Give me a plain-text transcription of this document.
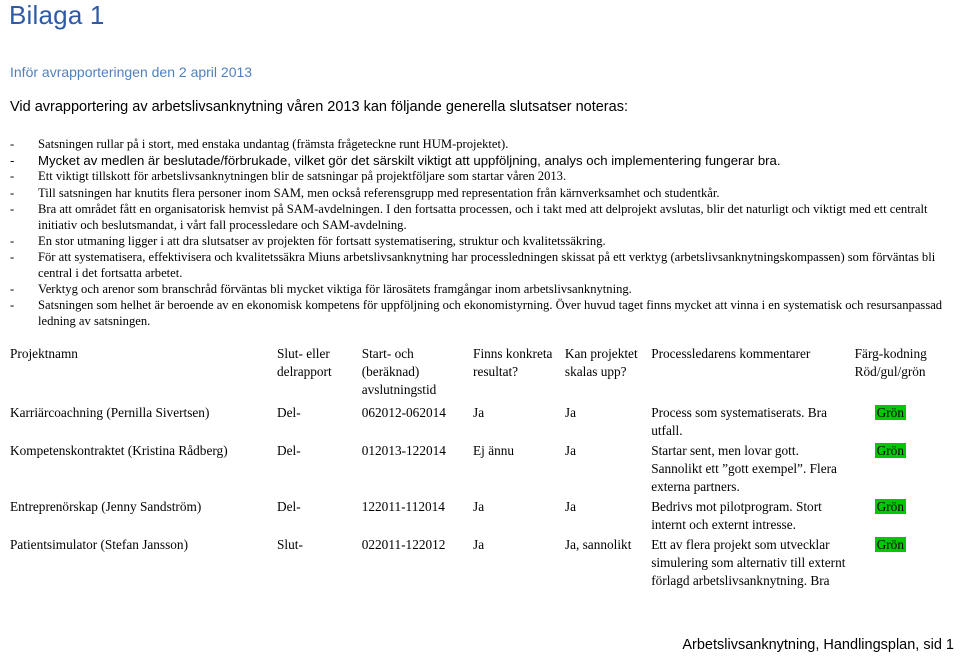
Bilaga 1
Inför avrapporteringen den 2 april 2013
Vid avrapportering av arbetslivsanknytning våren 2013 kan följande generella slutsatser noteras:
- Satsningen rullar på i stort, med enstaka undantag (främsta frågeteckne runt HUM-projektet).
- Mycket av medlen är beslutade/förbrukade, vilket gör det särskilt viktigt att uppföljning, analys och implementering fungerar bra.
- Ett viktigt tillskott för arbetslivsanknytningen blir de satsningar på projektföljare som startar våren 2013.
- Till satsningen har knutits flera personer inom SAM, men också referensgrupp med representation från kärnverksamhet och studentkår.
- Bra att området fått en organisatorisk hemvist på SAM-avdelningen. I den fortsatta processen, och i takt med att delprojekt avslutas, blir det naturligt och viktigt med ett centralt initiativ och beslutsmandat, i vårt fall processledare och SAM-avdelning.
- En stor utmaning ligger i att dra slutsatser av projekten för fortsatt systematisering, struktur och kvalitetssäkring.
- För att systematisera, effektivisera och kvalitetssäkra Miuns arbetslivsanknytning har processledningen skissat på ett verktyg (arbetslivsanknytningskompassen) som förväntas bli central i det fortsatta arbetet.
- Verktyg och arenor som branschråd förväntas bli mycket viktiga för lärosätets framgångar inom arbetslivsanknytning.
- Satsningen som helhet är beroende av en ekonomisk kompetens för uppföljning och ekonomistyrning. Över huvud taget finns mycket att vinna i en systematisk och resursanpassad ledning av satsningen.
Projektnamn	Slut- eller delrapport	Start- och (beräknad) avslutningstid	Finns konkreta resultat?	Kan projektet skalas upp?	Processledarens kommentarer	Färg-kodning Röd/gul/grön
Karriärcoachning (Pernilla Sivertsen)	Del-	062012-062014	Ja	Ja	Process som systematiserats. Bra utfall.	Grön
Kompetenskontraktet (Kristina Rådberg)	Del-	012013-122014	Ej ännu	Ja	Startar sent, men lovar gott. Sannolikt ett ”gott exempel”. Flera externa partners.	Grön
Entreprenörskap (Jenny Sandström)	Del-	122011-112014	Ja	Ja	Bedrivs mot pilotprogram. Stort internt och externt intresse.	Grön
Patientsimulator (Stefan Jansson)	Slut-	022011-122012	Ja	Ja, sannolikt	Ett av flera projekt som utvecklar simulering som alternativ till externt förlagd arbetslivsanknytning. Bra	Grön
Arbetslivsanknytning, Handlingsplan, sid 1
